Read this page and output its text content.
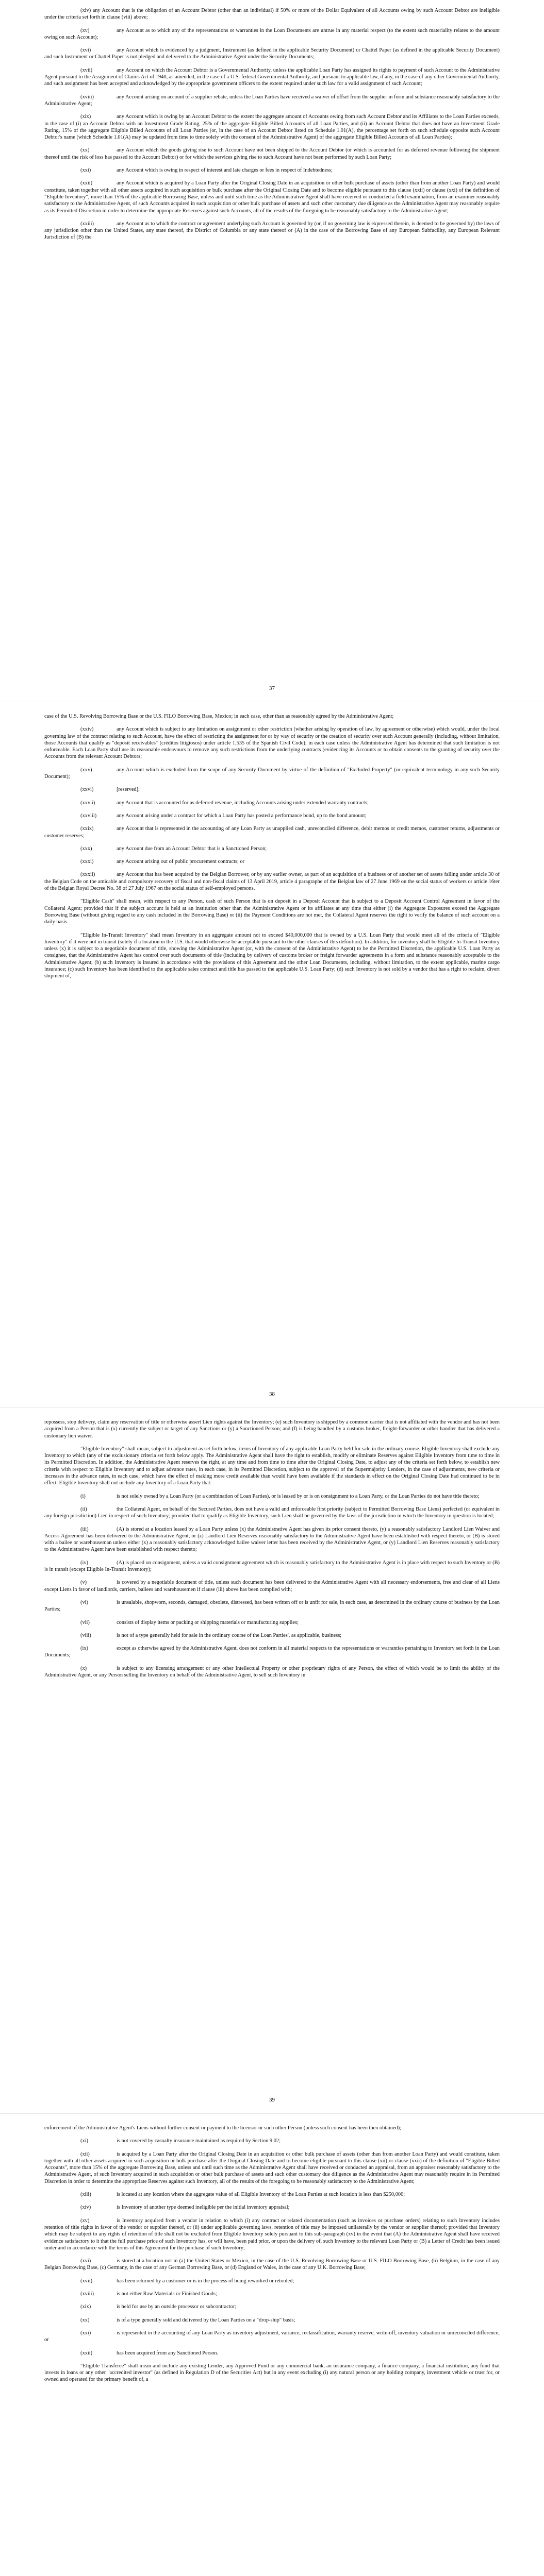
(xiv) any Account that is the obligation of an Account Debtor (other than an individual) if 50% or more of the Dollar Equivalent of all Accounts owing by such Account Debtor are ineligible under the criteria set forth in clause (viii) above;

(xv)	any Account as to which any of the representations or warranties in the Loan Documents are untrue in any material respect (to the extent such materiality relates to the amount owing on such Account);

(xvi)	any Account which is evidenced by a judgment, Instrument (as defined in the applicable Security Document) or Chattel Paper (as defined in the applicable Security Document) and such Instrument or Chattel Paper is not pledged and delivered to the Administrative Agent under the Security Documents;

(xvii)	any Account on which the Account Debtor is a Governmental Authority, unless the applicable Loan Party has assigned its rights to payment of such Account to the Administrative Agent pursuant to the Assignment of Claims Act of 1940, as amended, in the case of a U.S. federal Governmental Authority, and pursuant to applicable law, if any, in the case of any other Governmental Authority, and such assignment has been accepted and acknowledged by the appropriate government officers to the extent required under such law for a valid assignment of such Account;

(xviii)	any Account arising on account of a supplier rebate, unless the Loan Parties have received a waiver of offset from the supplier in form and substance reasonably satisfactory to the Administrative Agent;

(xix)	any Account which is owing by an Account Debtor to the extent the aggregate amount of Accounts owing from such Account Debtor and its Affiliates to the Loan Parties exceeds, in the case of (i) an Account Debtor with an Investment Grade Rating, 25% of the aggregate Eligible Billed Accounts of all Loan Parties, and (ii) an Account Debtor that does not have an Investment Grade Rating, 15% of the aggregate Eligible Billed Accounts of all Loan Parties (or, in the case of an Account Debtor listed on Schedule 1.01(A), the percentage set forth on such schedule opposite such Account Debtor's name (which Schedule 1.01(A) may be updated from time to time solely with the consent of the Administrative Agent) of the aggregate Eligible Billed Accounts of all Loan Parties);

(xx)	any Account which the goods giving rise to such Account have not been shipped to the Account Debtor (or which is accounted for as deferred revenue following the shipment thereof until the risk of loss has passed to the Account Debtor) or for which the services giving rise to such Account have not been performed by such Loan Party;

(xxi)	any Account which is owing in respect of interest and late charges or fees in respect of Indebtedness;

(xxii)	any Account which is acquired by a Loan Party after the Original Closing Date in an acquisition or other bulk purchase of assets (other than from another Loan Party) and would constitute, taken together with all other assets acquired in such acquisition or bulk purchase after the Original Closing Date and to become eligible pursuant to this clause (xxii) or clause (xxi) of the definition of "Eligible Inventory", more than 15% of the applicable Borrowing Base, unless and until such time as the Administrative Agent shall have received or conducted a field examination, from an examiner reasonably satisfactory to the Administrative Agent, of such Accounts acquired in such acquisition or other bulk purchase of assets and such other customary due diligence as the Administrative Agent may reasonably require as its Permitted Discretion in order to determine the appropriate Reserves against such Accounts, all of the results of the foregoing to be reasonably satisfactory to the Administrative Agent;

(xxiii)	any Account as to which the contract or agreement underlying such Account is governed by (or, if no governing law is expressed therein, is deemed to be governed by) the laws of any jurisdiction other than the United States, any state thereof, the District of Columbia or any state thereof or (A) in the case of the Borrowing Base of any European Subfacility, any European Relevant Jurisdiction of (B) the

37

case of the U.S. Revolving Borrowing Base or the U.S. FILO Borrowing Base, Mexico; in each case, other than as reasonably agreed by the Administrative Agent;

(xxiv)	any Account which is subject to any limitation on assignment or other restriction (whether arising by operation of law, by agreement or otherwise) which would, under the local governing law of the contract relating to such Account, have the effect of restricting the assignment for or by way of security or the creation of security over such Account generally (including, without limitation, those Accounts that qualify as "deposit receivables" (créditos litigiosos) under article 1,535 of the Spanish Civil Code); in each case unless the Administrative Agent has determined that such limitation is not enforceable. Each Loan Party shall use its reasonable endeavours to remove any such restrictions from the underlying contracts (evidencing its Accounts or to obtain consents to the granting of security over the Accounts from the relevant Account Debtors;

(xxv)	any Account which is excluded from the scope of any Security Document by virtue of the definition of "Excluded Property" (or equivalent terminology in any such Security Document);

(xxvi)	[reserved];

(xxvii)	any Account that is accounted for as deferred revenue, including Accounts arising under extended warranty contracts;

(xxviii)	any Account arising under a contract for which a Loan Party has posted a performance bond, up to the bond amount;

(xxix)	any Account that is represented in the accounting of any Loan Party as unapplied cash, unreconciled difference, debit memos or credit memos, customer returns, adjustments or customer reserves;

(xxx)	any Account due from an Account Debtor that is a Sanctioned Person;

(xxxi)	any Account arising out of public procurement contracts; or

(xxxii)	any Account that has been acquired by the Belgian Borrower, or by any earlier owner, as part of an acquisition of a business or of another set of assets falling under article 30 of the Belgian Code on the amicable and compulsory recovery of fiscal and non-fiscal claims of 13 April 2019, article 4 paragraphe of the Belgian law of 27 June 1969 on the social status of workers or article 16ter of the Belgian Royal Decree No. 38 of 27 July 1967 on the social status of self-employed persons.

"Eligible Cash" shall mean, with respect to any Person, cash of such Person that is on deposit in a Deposit Account that is subject to a Deposit Account Control Agreement in favor of the Collateral Agent; provided that if the subject account is held at an institution other than the Administrative Agent or its affiliates at any time that either (i) the Aggregate Exposures exceed the Aggregate Borrowing Base (without giving regard to any cash included in the Borrowing Base) or (ii) the Payment Conditions are not met, the Collateral Agent reserves the right to verify the balance of such account on a daily basis.

"Eligible In-Transit Inventory" shall mean Inventory in an aggregate amount not to exceed $40,000,000 that is owned by a U.S. Loan Party that would meet all of the criteria of "Eligible Inventory" if it were not in transit (solely if a location in the U.S. that would otherwise be acceptable pursuant to the other clauses of this definition). In addition, for inventory shall be Eligible In-Transit Inventory unless (x) it is subject to a negotiable document of title, showing the Administrative Agent (or, with the consent of the Administrative Agent) to be the Permitted Discretion, the applicable U.S. Loan Party as consignee, that the Administrative Agent has control over such documents of title (including by delivery of customs broker or freight forwarder agreements in a form and substance reasonably acceptable to the Administrative Agent; (b) such Inventory is insured in accordance with the provisions of this Agreement and the other Loan Documents, including, without limitation, to the extent applicable, marine cargo insurance; (c) such Inventory has been identified to the applicable sales contract and title has passed to the applicable U.S. Loan Party; (d) such Inventory is not sold by a vendor that has a right to reclaim, divert shipment of,

38

repossess, stop delivery, claim any reservation of title or otherwise assert Lien rights against the Inventory; (e) such Inventory is shipped by a common carrier that is not affiliated with the vendor and has not been acquired from a Person that is (x) currently the subject or target of any Sanctions or (y) a Sanctioned Person; and (f) is being handled by a customs broker, freight-forwarder or other handler that has delivered a customary lien waiver.

"Eligible Inventory" shall mean, subject to adjustment as set forth below, items of Inventory of any applicable Loan Party held for sale in the ordinary course. Eligible Inventory shall exclude any Inventory to which (any of the exclusionary criteria set forth below apply. The Administrative Agent shall have the right to establish, modify or eliminate Reserves against Eligible Inventory from time to time in its Permitted Discretion. In addition, the Administrative Agent reserves the right, at any time and from time to time after the Original Closing Date, to adjust any of the criteria set forth below, to establish new criteria with respect to Eligible Inventory and to adjust advance rates, in each case, in its Permitted Discretion, subject to the approval of the Supermajority Lenders, in the case of adjustments, new criteria or increases in the advance rates, in each case, which have the effect of making more credit available than would have been available if the standards in effect on the Original Closing Date had continued to be in effect. Eligible Inventory shall not include any Inventory of a Loan Party that:

(i)	is not solely owned by a Loan Party (or a combination of Loan Parties), or is leased by or is on consignment to a Loan Party, or the Loan Parties do not have title thereto;

(ii)	the Collateral Agent, on behalf of the Secured Parties, does not have a valid and enforceable first priority (subject to Permitted Borrowing Base Liens) perfected (or equivalent in any foreign jurisdiction) Lien in respect of such Inventory; provided that to qualify as Eligible Inventory, such Lien shall be governed by the laws of the jurisdiction in which the Inventory in question is located;

(iii)	(A) is stored at a location leased by a Loan Party unless (x) the Administrative Agent has given its prior consent thereto, (y) a reasonably satisfactory Landlord Lien Waiver and Access Agreement has been delivered to the Administrative Agent, or (z) Landlord Lien Reserves reasonably satisfactory to the Administrative Agent have been established with respect thereto, or (B) is stored with a bailee or warehouseman unless either (x) a reasonably satisfactory acknowledged bailee waiver letter has been received by the Administrative Agent, or (y) Landlord Lien Reserves reasonably satisfactory to the Administrative Agent have been established with respect thereto;

(iv)	(A) is placed on consignment, unless a valid consignment agreement which is reasonably satisfactory to the Administrative Agent is in place with respect to such Inventory or (B) is in transit (except Eligible In-Transit Inventory);

(v)	is covered by a negotiable document of title, unless such document has been delivered to the Administrative Agent with all necessary endorsements, free and clear of all Liens except Liens in favor of landlords, carriers, bailees and warehousemen if clause (iii) above has been complied with;

(vi)	is unsalable, shopworn, seconds, damaged, obsolete, distressed, has been written off or is unfit for sale, in each case, as determined in the ordinary course of business by the Loan Parties;

(vii)	consists of display items or packing or shipping materials or manufacturing supplies;

(viii)	is not of a type generally held for sale in the ordinary course of the Loan Parties', as applicable, business;

(ix)	except as otherwise agreed by the Administrative Agent, does not conform in all material respects to the representations or warranties pertaining to Inventory set forth in the Loan Documents;

(x)	is subject to any licensing arrangement or any other Intellectual Property or other proprietary rights of any Person, the effect of which would be to limit the ability of the Administrative Agent, or any Person selling the Inventory on behalf of the Administrative Agent, to sell such Inventory in

39

enforcement of the Administrative Agent's Liens without further consent or payment to the licensor or such other Person (unless such consent has been then obtained);

(xi)	is not covered by casualty insurance maintained as required by Section 9.02;

(xii)	is acquired by a Loan Party after the Original Closing Date in an acquisition or other bulk purchase of assets (other than from another Loan Party) and would constitute, taken together with all other assets acquired in such acquisition or bulk purchase after the Original Closing Date and to become eligible pursuant to this clause (xii) or clause (xxii) of the definition of "Eligible Billed Accounts", more than 15% of the aggregate Borrowing Base, unless and until such time as the Administrative Agent shall have received or conducted an appraisal, from an appraiser reasonably satisfactory to the Administrative Agent, of such Inventory acquired in such acquisition or other bulk purchase of assets and such other customary due diligence as the Administrative Agent may reasonably require in its Permitted Discretion in order to determine the appropriate Reserves against such Inventory, all of the results of the foregoing to be reasonably satisfactory to the Administrative Agent;

(xiii)	is located at any location where the aggregate value of all Eligible Inventory of the Loan Parties at such location is less than $250,000;

(xiv)	is Inventory of another type deemed ineligible per the initial inventory appraisal;

(xv)	is Inventory acquired from a vendor in relation to which (i) any contract or related documentation (such as invoices or purchase orders) relating to such Inventory includes retention of title rights in favor of the vendor or supplier thereof, or (ii) under applicable governing laws, retention of title may be imposed unilaterally by the vendor or supplier thereof; provided that Inventory which may be subject to any rights of retention of title shall not be excluded from Eligible Inventory solely pursuant to this sub-paragraph (xv) in the event that (A) the Administrative Agent shall have received evidence satisfactory to it that the full purchase price of such Inventory has, or will have, been paid prior, or upon the delivery of, such Inventory to the relevant Loan Party or (B) a Letter of Credit has been issued under and in accordance with the terms of this Agreement for the purchase of such Inventory;

(xvi)	is stored at a location not in (a) the United States or Mexico, in the case of the U.S. Revolving Borrowing Base or U.S. FILO Borrowing Base, (b) Belgium, in the case of any Belgian Borrowing Base, (c) Germany, in the case of any German Borrowing Base, or (d) England or Wales, in the case of any U.K. Borrowing Base;

(xvii)	has been returned by a customer or is in the process of being reworked or retooled;

(xviii)	is not either Raw Materials or Finished Goods;

(xix)	is held for use by an outside processor or subcontractor;

(xx)	is of a type generally sold and delivered by the Loan Parties on a "drop-ship" basis;

(xxi)	is represented in the accounting of any Loan Party as inventory adjustment, variance, reclassification, warranty reserve, write-off, inventory valuation or unreconciled difference; or

(xxii)	has been acquired from any Sanctioned Person.

"Eligible Transferee" shall mean and include any existing Lender, any Approved Fund or any commercial bank, an insurance company, a finance company, a financial institution, any fund that invests in loans or any other "accredited investor" (as defined in Regulation D of the Securities Act) but in any event excluding (i) any natural person or any holding company, investment vehicle or trust for, or owned and operated for the primary benefit of, a
